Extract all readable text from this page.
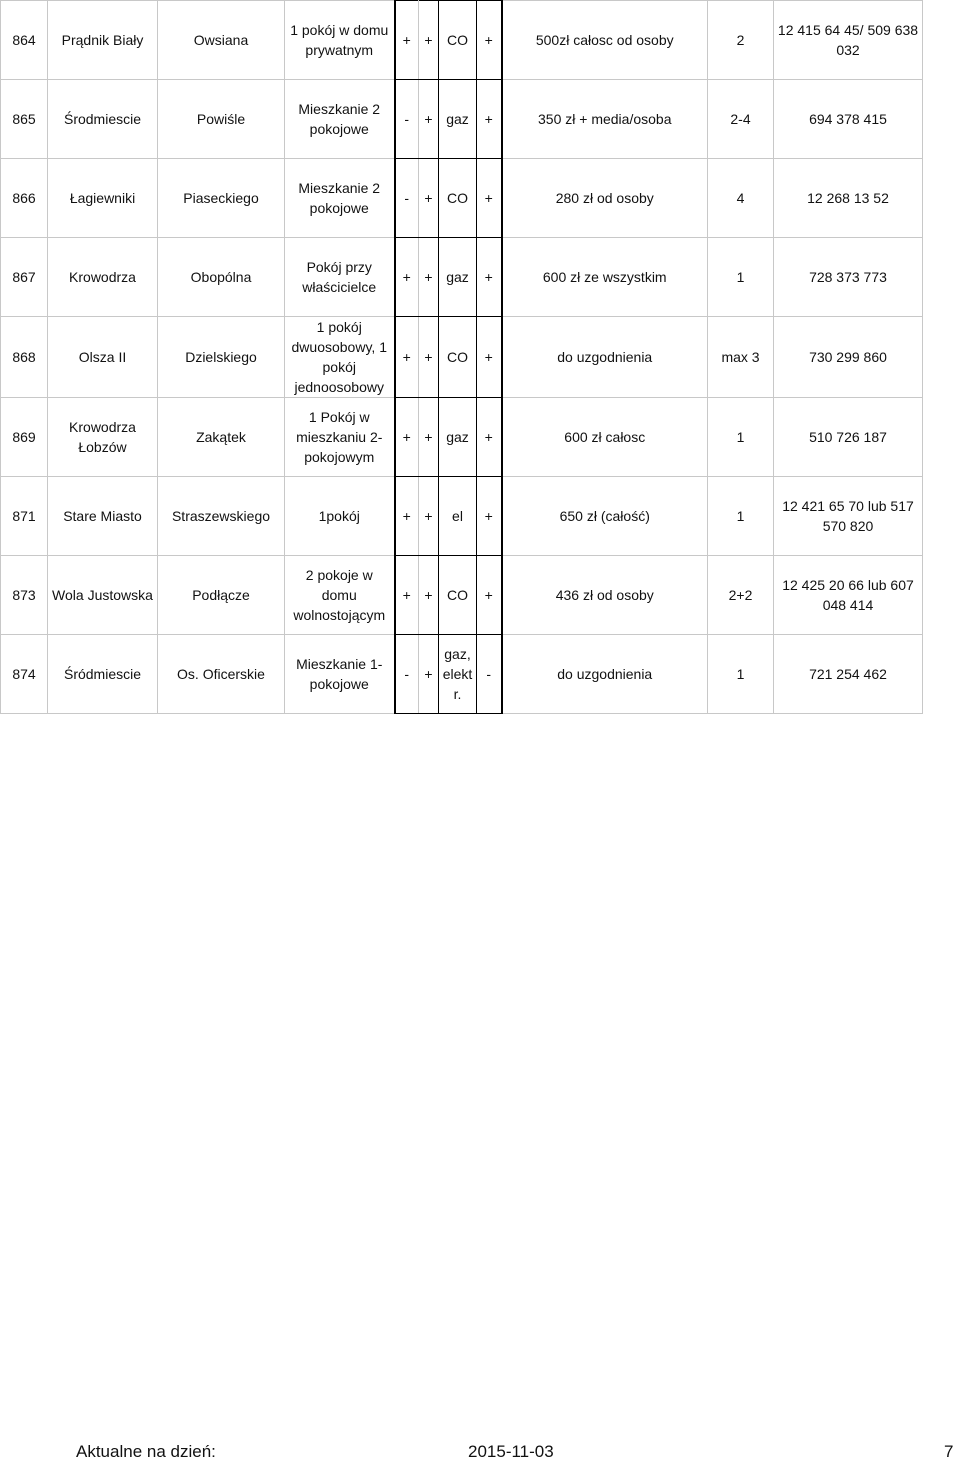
864	Prądnik Biały	Owsiana	1 pokój w domu prywatnym	+	+	CO	+	500zł całosc od osoby	2	12 415 64 45/ 509 638 032
865	Środmiescie	Powiśle	Mieszkanie 2 pokojowe	-	+	gaz	+	350 zł + media/osoba	2-4	694 378 415
866	Łagiewniki	Piaseckiego	Mieszkanie 2 pokojowe	-	+	CO	+	280 zł od osoby	4	12 268 13 52
867	Krowodrza	Obopólna	Pokój przy właścicielce	+	+	gaz	+	600 zł ze wszystkim	1	728 373 773
868	Olsza II	Dzielskiego	1 pokój dwuosobowy, 1 pokój jednoosobowy	+	+	CO	+	do uzgodnienia	max 3	730 299 860
869	Krowodrza Łobzów	Zakątek	1 Pokój w mieszkaniu 2-pokojowym	+	+	gaz	+	600 zł całosc	1	510 726 187
871	Stare Miasto	Straszewskiego	1pokój	+	+	el	+	650 zł (całość)	1	12 421 65 70 lub 517 570 820
873	Wola Justowska	Podłącze	2 pokoje w domu wolnostojącym	+	+	CO	+	436 zł od osoby	2+2	12 425 20 66 lub 607 048 414
874	Śródmiescie	Os. Oficerskie	Mieszkanie 1-pokojowe	-	+	gaz, elekt r.	-	do uzgodnienia	1	721 254 462
Aktualne na dzień:	2015-11-03	7
